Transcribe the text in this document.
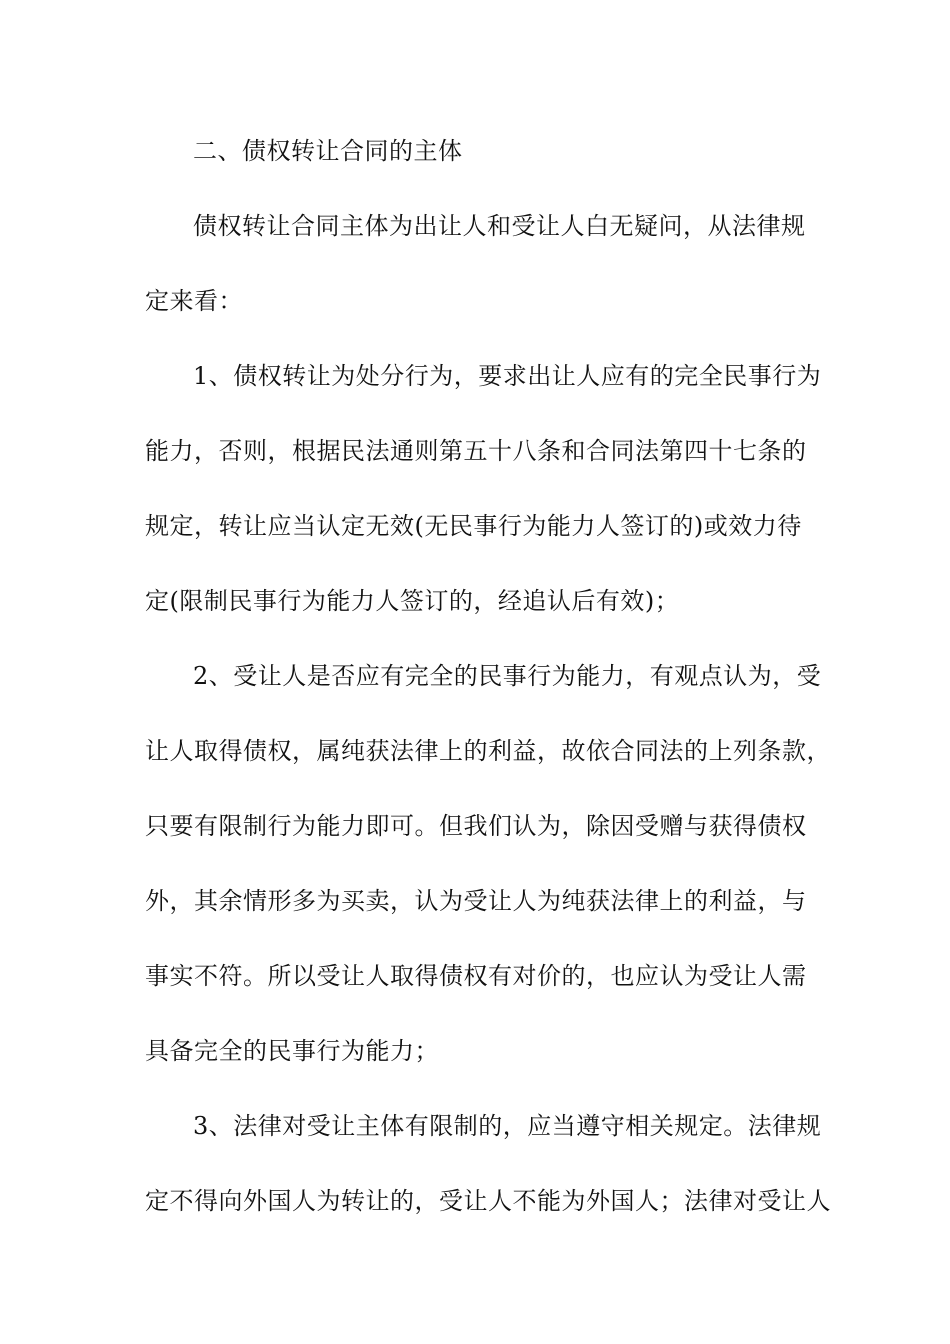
二、债权转让合同的主体

债权转让合同主体为出让人和受让人白无疑问，从法律规

定来看：

1、债权转让为处分行为，要求出让人应有的完全民事行为

能力，否则，根据民法通则第五十八条和合同法第四十七条的

规定，转让应当认定无效(无民事行为能力人签订的)或效力待

定(限制民事行为能力人签订的，经追认后有效)；

2、受让人是否应有完全的民事行为能力，有观点认为，受

让人取得债权，属纯获法律上的利益，故依合同法的上列条款，

只要有限制行为能力即可。但我们认为，除因受赠与获得债权

外，其余情形多为买卖，认为受让人为纯获法律上的利益，与

事实不符。所以受让人取得债权有对价的，也应认为受让人需

具备完全的民事行为能力；

3、法律对受让主体有限制的，应当遵守相关规定。法律规

定不得向外国人为转让的，受让人不能为外国人；法律对受让人
